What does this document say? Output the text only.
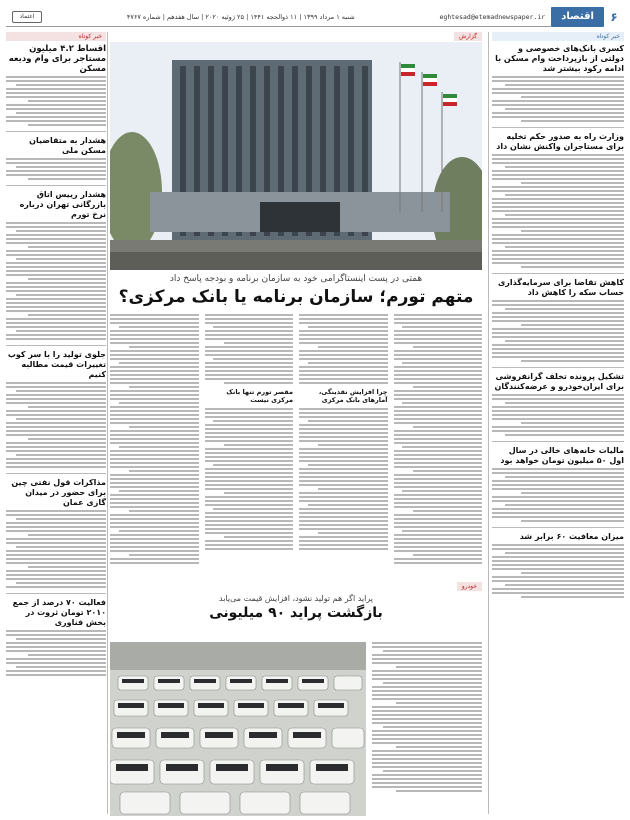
۶
اقتصاد
eghtesad@etemadnewspaper.ir
شنبه ۱ مرداد ۱۳۹۹ | ۱۱ ذوالحجه ۱۴۴۱ | ۲۵ ژوئیه ۲۰۲۰ | سال هفدهم | شماره ۴۷۶۷
اعتماد
خبر کوتاه
کسری بانک‌های خصوصی و دولتی از بازپرداخت وام مسکن با ادامه رکود بیشتر شد
وزارت راه به صدور حکم تخلیه برای مستاجران واکنش نشان داد
کاهش تقاضا برای سرمایه‌گذاری حساب سکه را کاهش داد
تشکیل پرونده تخلف گرانفروشی برای ایران‌خودرو و عرضه‌کنندگان
مالیات خانه‌های خالی در سال اول ۵۰ میلیون تومان خواهد بود
میزان معافیت ۶۰ برابر شد
گزارش
همتی در پست اینستاگرامی خود به سازمان برنامه و بودجه پاسخ داد
متهم تورم؛ سازمان برنامه یا بانک مرکزی؟
چرا افزایش نقدینگی، آمارهای بانک مرکزی
مقصر تورم تنها بانک مرکزی نیست
خودرو
پراید اگر هم تولید نشود، افزایش قیمت می‌یابد
بازگشت پراید ۹۰ میلیونی
خبر کوتاه
اقساط ۴.۲ میلیون مستاجر برای وام ودیعه مسکن
هشدار به متقاضیان مسکن ملی
هشدار رییس اتاق بازرگانی تهران درباره نرخ تورم
جلوی تولید را با سر کوب تغییرات قیمت مطالبه کنیم
مذاکرات قول نفتی چین برای حضور در میدان گازی عمان
فعالیت ۷۰ درصد از جمع ۲۰۱۰ تومان ثروت در بخش فناوری
